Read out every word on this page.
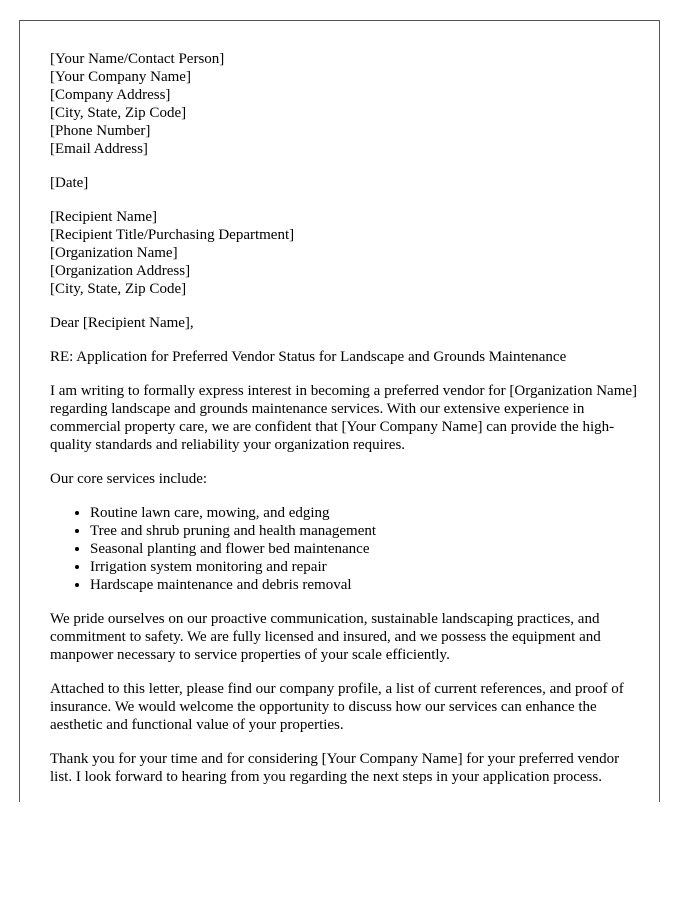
[Your Name/Contact Person]
[Your Company Name]
[Company Address]
[City, State, Zip Code]
[Phone Number]
[Email Address]
[Date]
[Recipient Name]
[Recipient Title/Purchasing Department]
[Organization Name]
[Organization Address]
[City, State, Zip Code]

Dear [Recipient Name],

RE: Application for Preferred Vendor Status for Landscape and Grounds Maintenance

I am writing to formally express interest in becoming a preferred vendor for [Organization Name] regarding landscape and grounds maintenance services. With our extensive experience in commercial property care, we are confident that [Your Company Name] can provide the high-quality standards and reliability your organization requires.

Our core services include:

• Routine lawn care, mowing, and edging
• Tree and shrub pruning and health management
• Seasonal planting and flower bed maintenance
• Irrigation system monitoring and repair
• Hardscape maintenance and debris removal

We pride ourselves on our proactive communication, sustainable landscaping practices, and commitment to safety. We are fully licensed and insured, and we possess the equipment and manpower necessary to service properties of your scale efficiently.

Attached to this letter, please find our company profile, a list of current references, and proof of insurance. We would welcome the opportunity to discuss how our services can enhance the aesthetic and functional value of your properties.

Thank you for your time and for considering [Your Company Name] for your preferred vendor list. I look forward to hearing from you regarding the next steps in your application process.
